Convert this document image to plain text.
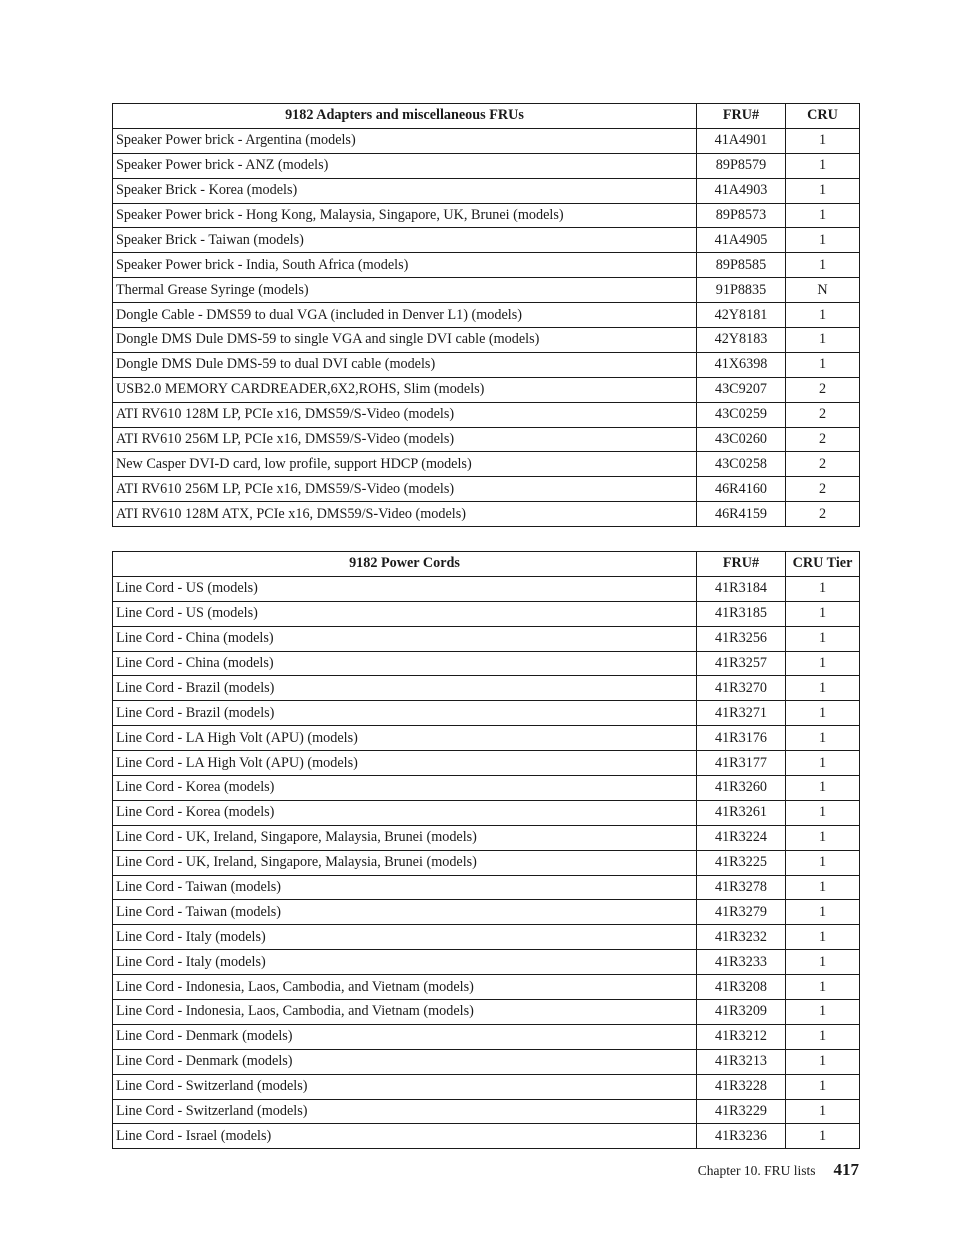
9182 Adapters and miscellaneous FRUs	FRU#	CRU
Speaker Power brick - Argentina (models)	41A4901	1
Speaker Power brick - ANZ (models)	89P8579	1
Speaker Brick - Korea (models)	41A4903	1
Speaker Power brick - Hong Kong, Malaysia, Singapore, UK, Brunei (models)	89P8573	1
Speaker Brick - Taiwan (models)	41A4905	1
Speaker Power brick - India, South Africa (models)	89P8585	1
Thermal Grease Syringe (models)	91P8835	N
Dongle Cable - DMS59 to dual VGA (included in Denver L1) (models)	42Y8181	1
Dongle DMS Dule DMS-59 to single VGA and single DVI cable (models)	42Y8183	1
Dongle DMS Dule DMS-59 to dual DVI cable (models)	41X6398	1
USB2.0 MEMORY CARDREADER,6X2,ROHS, Slim (models)	43C9207	2
ATI RV610 128M LP, PCIe x16, DMS59/S-Video (models)	43C0259	2
ATI RV610 256M LP, PCIe x16, DMS59/S-Video (models)	43C0260	2
New Casper DVI-D card, low profile, support HDCP (models)	43C0258	2
ATI RV610 256M LP, PCIe x16, DMS59/S-Video (models)	46R4160	2
ATI RV610 128M ATX, PCIe x16, DMS59/S-Video (models)	46R4159	2
9182 Power Cords	FRU#	CRU Tier
Line Cord - US (models)	41R3184	1
Line Cord - US (models)	41R3185	1
Line Cord - China (models)	41R3256	1
Line Cord - China (models)	41R3257	1
Line Cord - Brazil (models)	41R3270	1
Line Cord - Brazil (models)	41R3271	1
Line Cord - LA High Volt (APU) (models)	41R3176	1
Line Cord - LA High Volt (APU) (models)	41R3177	1
Line Cord - Korea (models)	41R3260	1
Line Cord - Korea (models)	41R3261	1
Line Cord - UK, Ireland, Singapore, Malaysia, Brunei (models)	41R3224	1
Line Cord - UK, Ireland, Singapore, Malaysia, Brunei (models)	41R3225	1
Line Cord - Taiwan (models)	41R3278	1
Line Cord - Taiwan (models)	41R3279	1
Line Cord - Italy (models)	41R3232	1
Line Cord - Italy (models)	41R3233	1
Line Cord - Indonesia, Laos, Cambodia, and Vietnam (models)	41R3208	1
Line Cord - Indonesia, Laos, Cambodia, and Vietnam (models)	41R3209	1
Line Cord - Denmark (models)	41R3212	1
Line Cord - Denmark (models)	41R3213	1
Line Cord - Switzerland (models)	41R3228	1
Line Cord - Switzerland (models)	41R3229	1
Line Cord - Israel (models)	41R3236	1
Chapter 10. FRU lists 417
